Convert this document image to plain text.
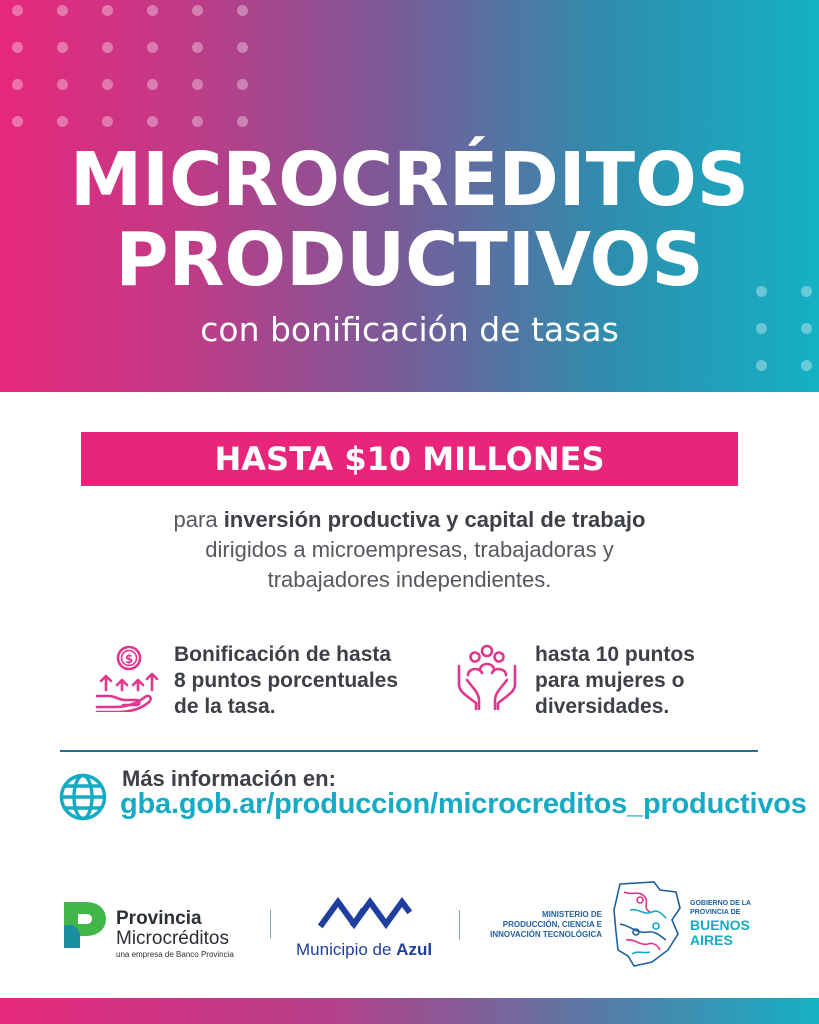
MICROCRÉDITOS
PRODUCTIVOS
con bonificación de tasas
HASTA $10 MILLONES
para inversión productiva y capital de trabajo
dirigidos a microempresas, trabajadoras y
trabajadores independientes.
$ Bonificación de hasta
8 puntos porcentuales
de la tasa.
hasta 10 puntos
para mujeres o
diversidades.
Más información en:
gba.gob.ar/produccion/microcreditos_productivos
Provincia
Microcréditos
una empresa de Banco Provincia	Municipio de Azul
MINISTERIO DE
PRODUCCIÓN, CIENCIA E
INNOVACIÓN TECNOLÓGICA
GOBIERNO DE LA
PROVINCIA DE
BUENOS
AIRES
